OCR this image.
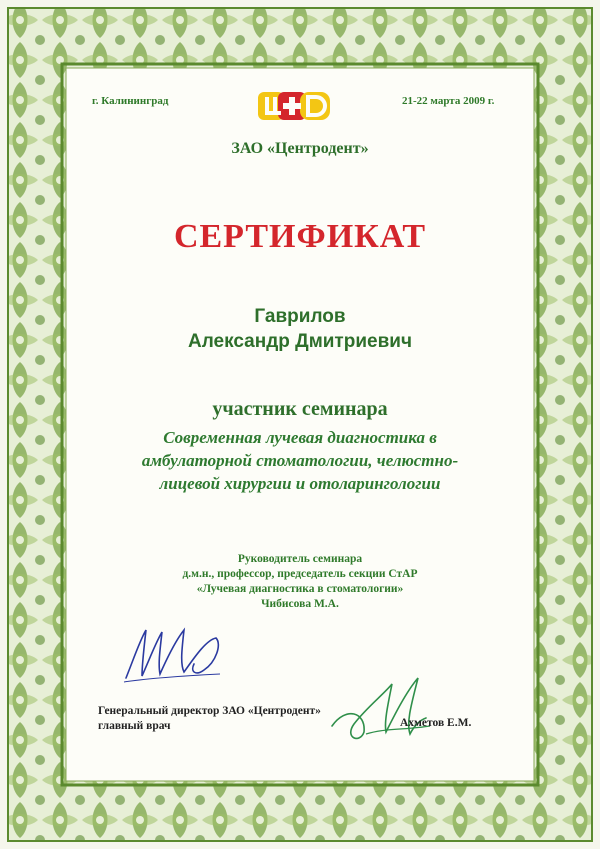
г. Калининград	21-22 марта 2009 г.
ЗАО «Центродент»
СЕРТИФИКАТ
Гаврилов
Александр Дмитриевич
участник семинара
Современная лучевая диагностика в
амбулаторной стоматологии, челюстно-
лицевой хирургии и отоларингологии
Руководитель семинара
д.м.н., профессор, председатель секции СтАР
«Лучевая диагностика в стоматологии»
Чибисова М.А.
Генеральный директор ЗАО «Центродент»
главный врач	Ахметов Е.М.
